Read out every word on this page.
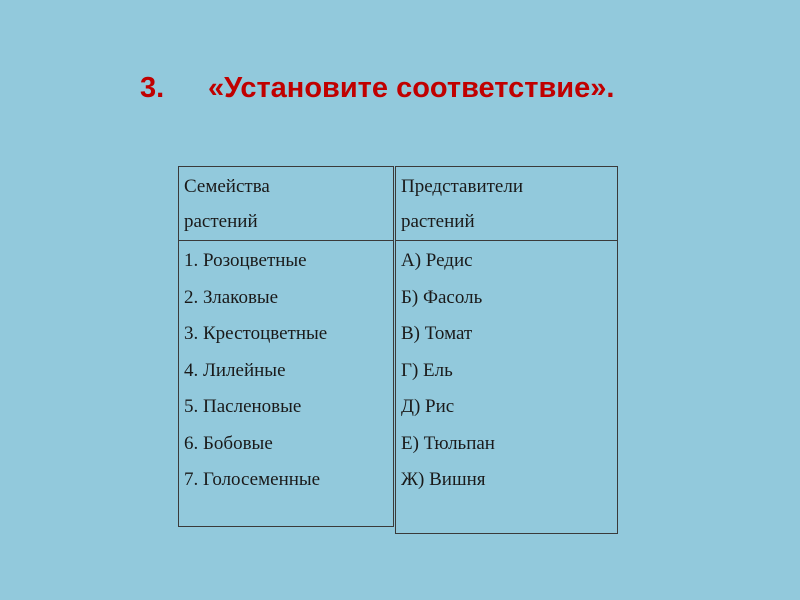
3. «Установите соответствие».
Семейства
растений
1. Розоцветные
2. Злаковые
3. Крестоцветные
4. Лилейные
5. Пасленовые
6. Бобовые
7. Голосеменные
Представители
растений
А) Редис
Б) Фасоль
В) Томат
Г) Ель
Д) Рис
Е) Тюльпан
Ж) Вишня
